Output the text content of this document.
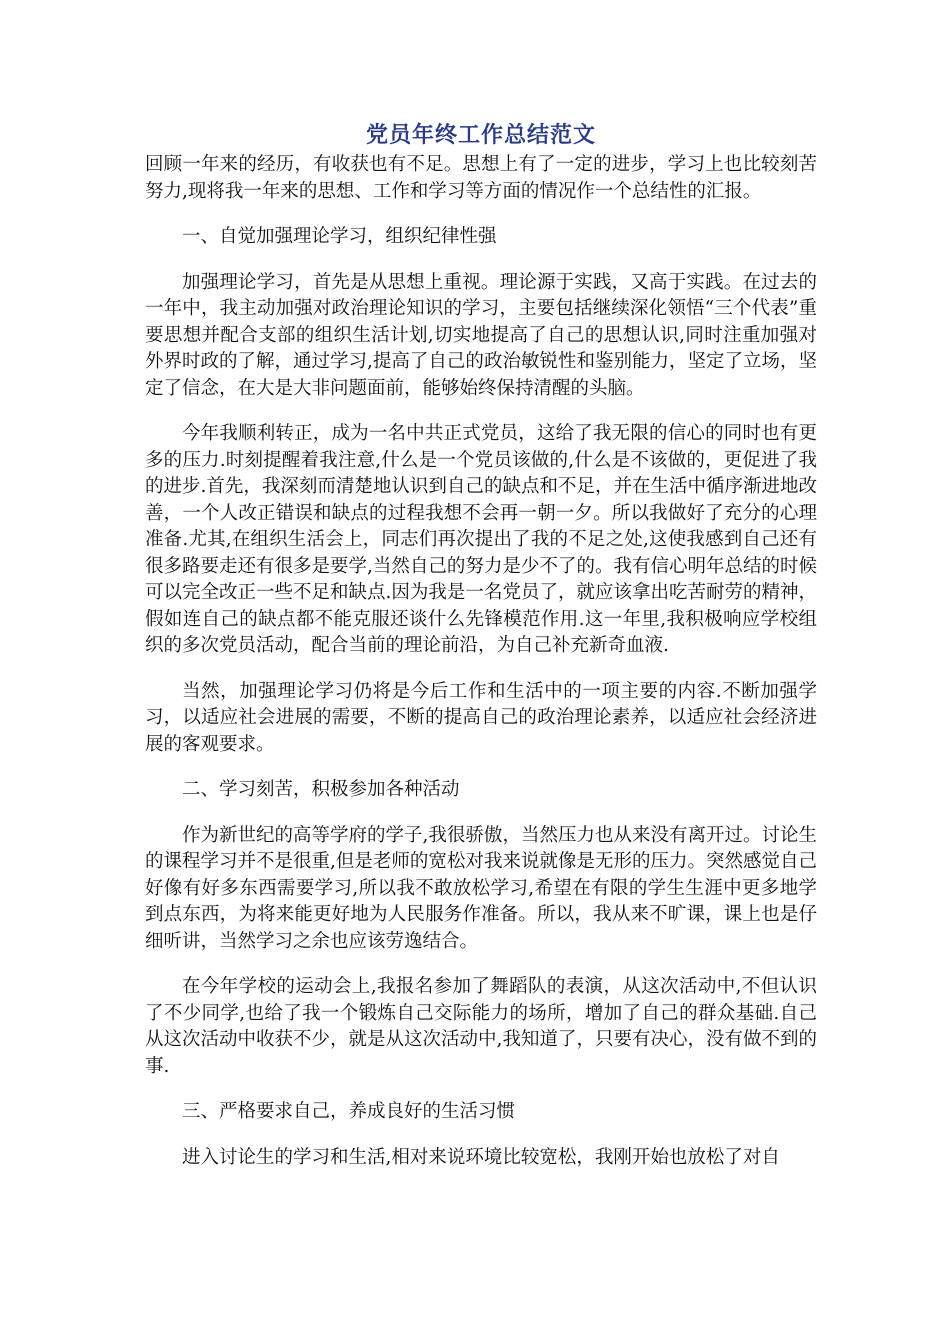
党员年终工作总结范文

回顾一年来的经历，有收获也有不足。思想上有了一定的进步，学习上也比较刻苦努力,现将我一年来的思想、工作和学习等方面的情况作一个总结性的汇报。

一、自觉加强理论学习，组织纪律性强

加强理论学习，首先是从思想上重视。理论源于实践，又高于实践。在过去的一年中，我主动加强对政治理论知识的学习，主要包括继续深化领悟“三个代表”重要思想并配合支部的组织生活计划,切实地提高了自己的思想认识,同时注重加强对外界时政的了解，通过学习,提高了自己的政治敏锐性和鉴别能力，坚定了立场，坚定了信念，在大是大非问题面前，能够始终保持清醒的头脑。

今年我顺利转正，成为一名中共正式党员，这给了我无限的信心的同时也有更多的压力.时刻提醒着我注意,什么是一个党员该做的,什么是不该做的，更促进了我的进步.首先，我深刻而清楚地认识到自己的缺点和不足，并在生活中循序渐进地改善，一个人改正错误和缺点的过程我想不会再一朝一夕。所以我做好了充分的心理准备.尤其,在组织生活会上，同志们再次提出了我的不足之处,这使我感到自己还有很多路要走还有很多是要学,当然自己的努力是少不了的。我有信心明年总结的时候可以完全改正一些不足和缺点.因为我是一名党员了，就应该拿出吃苦耐劳的精神，假如连自己的缺点都不能克服还谈什么先锋模范作用.这一年里,我积极响应学校组织的多次党员活动，配合当前的理论前沿，为自己补充新奇血液.

当然，加强理论学习仍将是今后工作和生活中的一项主要的内容.不断加强学习，以适应社会进展的需要，不断的提高自己的政治理论素养，以适应社会经济进展的客观要求。

二、学习刻苦，积极参加各种活动

作为新世纪的高等学府的学子,我很骄傲，当然压力也从来没有离开过。讨论生的课程学习并不是很重,但是老师的宽松对我来说就像是无形的压力。突然感觉自己好像有好多东西需要学习,所以我不敢放松学习,希望在有限的学生生涯中更多地学到点东西，为将来能更好地为人民服务作准备。所以，我从来不旷课，课上也是仔细听讲，当然学习之余也应该劳逸结合。

在今年学校的运动会上,我报名参加了舞蹈队的表演，从这次活动中,不但认识了不少同学,也给了我一个锻炼自己交际能力的场所，增加了自己的群众基础.自己从这次活动中收获不少，就是从这次活动中,我知道了，只要有决心，没有做不到的事.

三、严格要求自己，养成良好的生活习惯

进入讨论生的学习和生活,相对来说环境比较宽松，我刚开始也放松了对自
